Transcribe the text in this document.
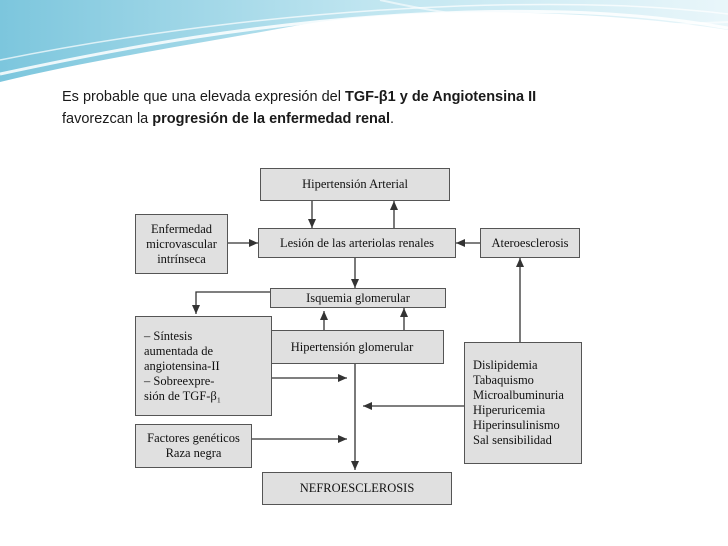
Es probable que una elevada expresión del TGF-β1 y de Angiotensina II
favorezcan la progresión de la enfermedad renal.
Hipertensión Arterial
Enfermedad
microvascular
intrínseca
Lesión de las arteriolas renales	Ateroesclerosis
Isquemia glomerular
Hipertensión glomerular
– Síntesis
aumentada de
angiotensina-II
– Sobreexpre-
sión de TGF-β₁
Dislipidemia
Tabaquismo
Microalbuminuria
Hiperuricemia
Hiperinsulinismo
Sal sensibilidad
Factores genéticos
Raza negra
NEFROESCLEROSIS
